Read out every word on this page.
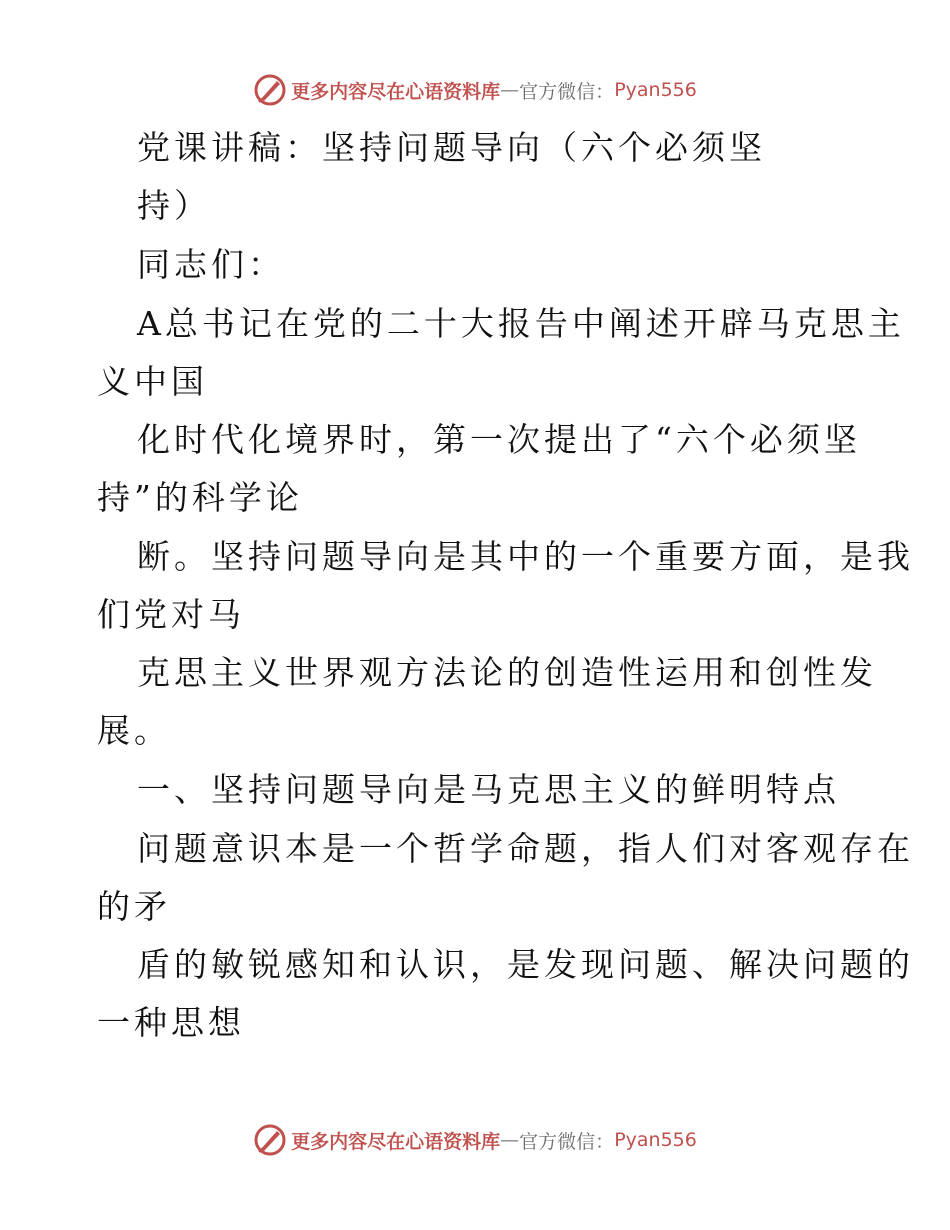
更多内容尽在心语资料库 — 官方微信： Pyan556
党课讲稿：坚持问题导向（六个必须坚
持）
同志们：
A总书记在党的二十大报告中阐述开辟马克思主
义中国
化时代化境界时，第一次提出了“六个必须坚
持”的科学论
断。坚持问题导向是其中的一个重要方面，是我
们党对马
克思主义世界观方法论的创造性运用和创性发
展。
一、坚持问题导向是马克思主义的鲜明特点
问题意识本是一个哲学命题，指人们对客观存在
的矛
盾的敏锐感知和认识，是发现问题、解决问题的
一种思想
更多内容尽在心语资料库 — 官方微信： Pyan556
